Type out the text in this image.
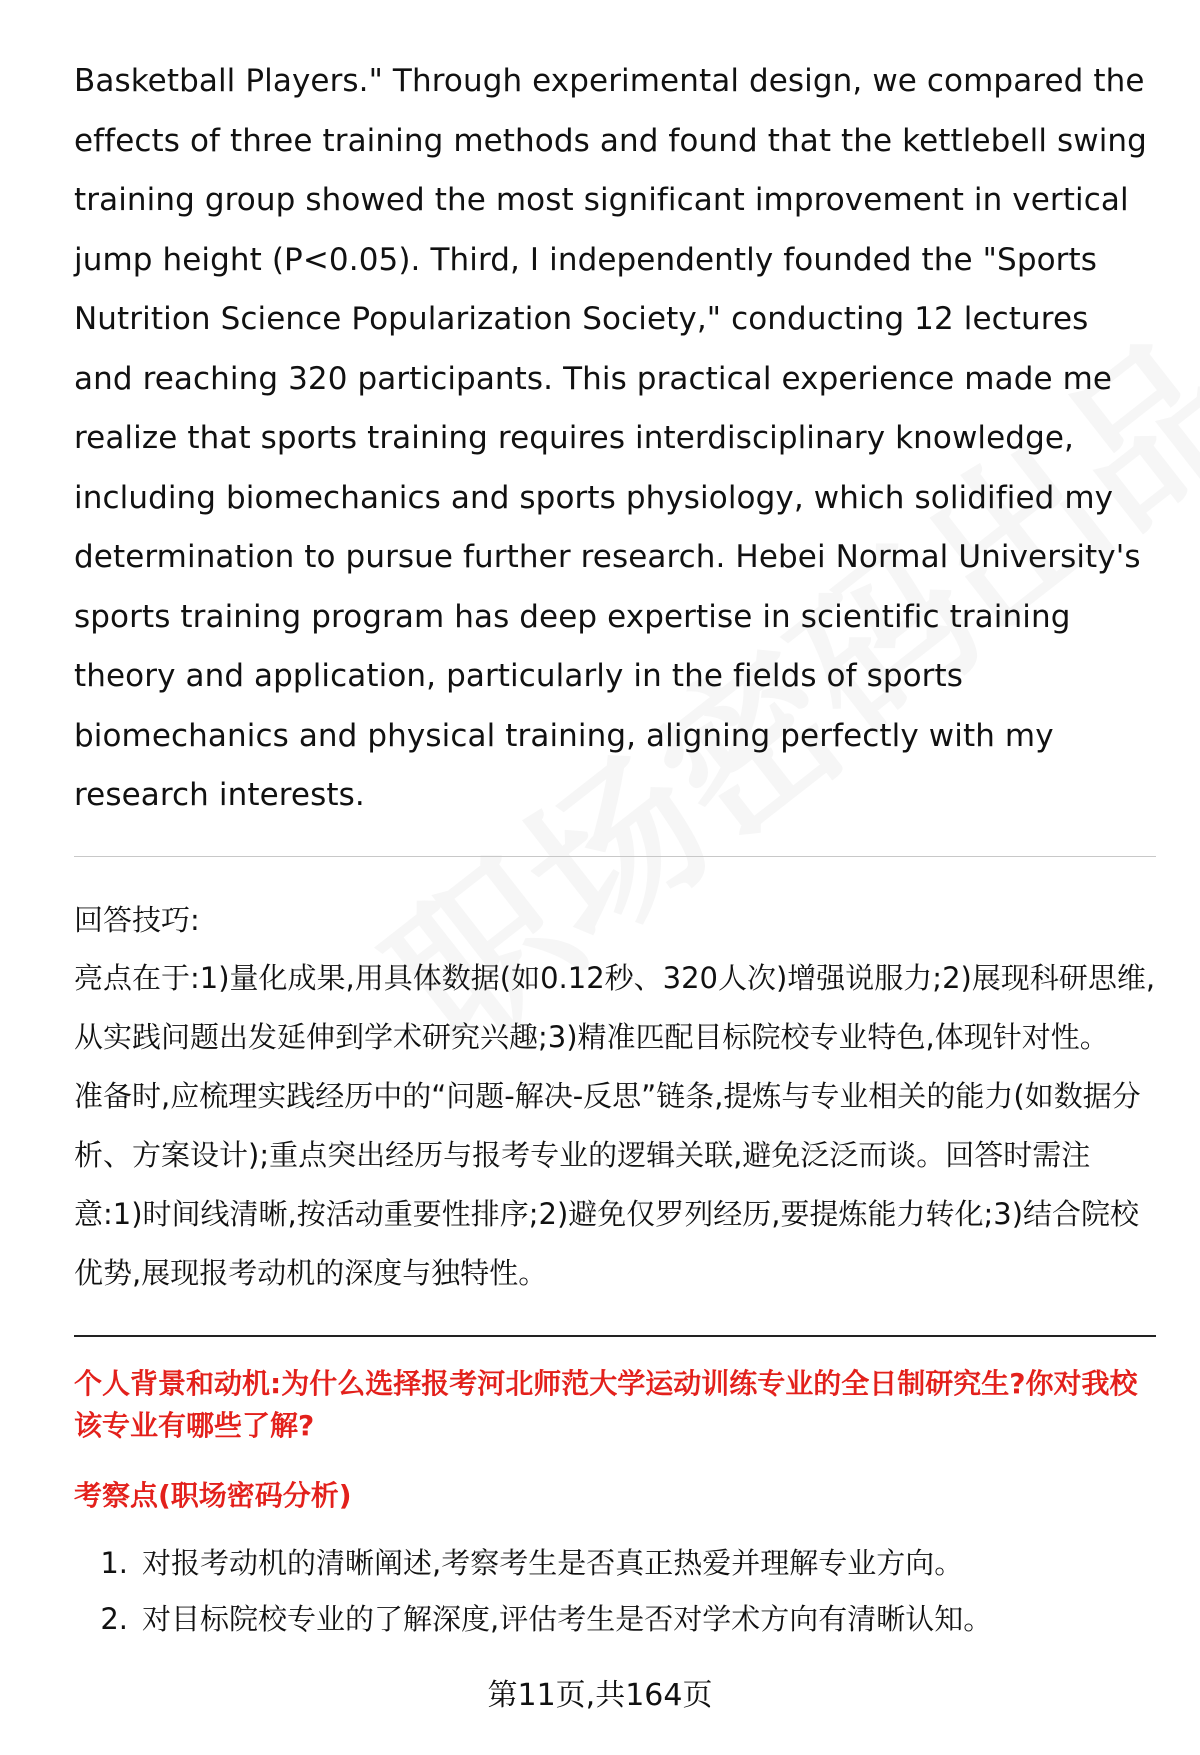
Basketball Players." Through experimental design, we compared the effects of three training methods and found that the kettlebell swing training group showed the most significant improvement in vertical jump height (P<0.05). Third, I independently founded the "Sports Nutrition Science Popularization Society," conducting 12 lectures and reaching 320 participants. This practical experience made me realize that sports training requires interdisciplinary knowledge, including biomechanics and sports physiology, which solidified my determination to pursue further research. Hebei Normal University's sports training program has deep expertise in scientific training theory and application, particularly in the fields of sports biomechanics and physical training, aligning perfectly with my research interests.

回答技巧:

亮点在于:1)量化成果,用具体数据(如0.12秒、320人次)增强说服力;2)展现科研思维,从实践问题出发延伸到学术研究兴趣;3)精准匹配目标院校专业特色,体现针对性。

准备时,应梳理实践经历中的“问题-解决-反思”链条,提炼与专业相关的能力(如数据分析、方案设计);重点突出经历与报考专业的逻辑关联,避免泛泛而谈。回答时需注意:1)时间线清晰,按活动重要性排序;2)避免仅罗列经历,要提炼能力转化;3)结合院校优势,展现报考动机的深度与独特性。

个人背景和动机:为什么选择报考河北师范大学运动训练专业的全日制研究生?你对我校该专业有哪些了解?

考察点(职场密码分析)

1. 对报考动机的清晰阐述,考察考生是否真正热爱并理解专业方向。
2. 对目标院校专业的了解深度,评估考生是否对学术方向有清晰认知。
第11页,共164页
